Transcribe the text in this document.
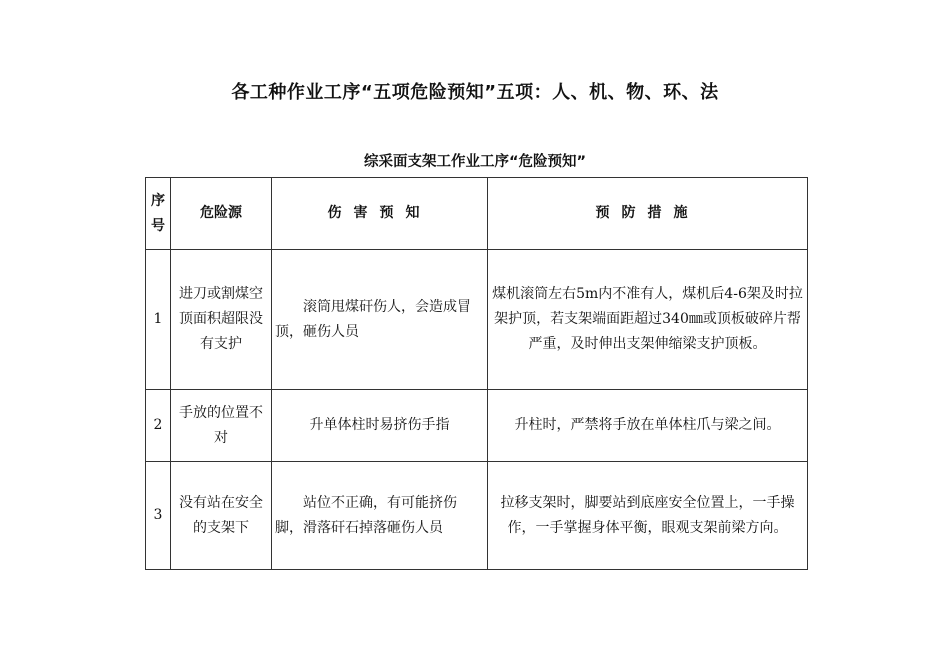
各工种作业工序“五项危险预知”五项：人、机、物、环、法
综采面支架工作业工序“危险预知”
序号	危险源	伤害预知	预防措施
1	进刀或割煤空顶面积超限没有支护	滚筒甩煤矸伤人，会造成冒顶，砸伤人员	煤机滚筒左右5m内不准有人，煤机后4-6架及时拉架护顶，若支架端面距超过340㎜或顶板破碎片帮严重，及时伸出支架伸缩梁支护顶板。
2	手放的位置不对	升单体柱时易挤伤手指	升柱时，严禁将手放在单体柱爪与梁之间。
3	没有站在安全的支架下	站位不正确，有可能挤伤脚，滑落矸石掉落砸伤人员	拉移支架时，脚要站到底座安全位置上，一手操作，一手掌握身体平衡，眼观支架前梁方向。
